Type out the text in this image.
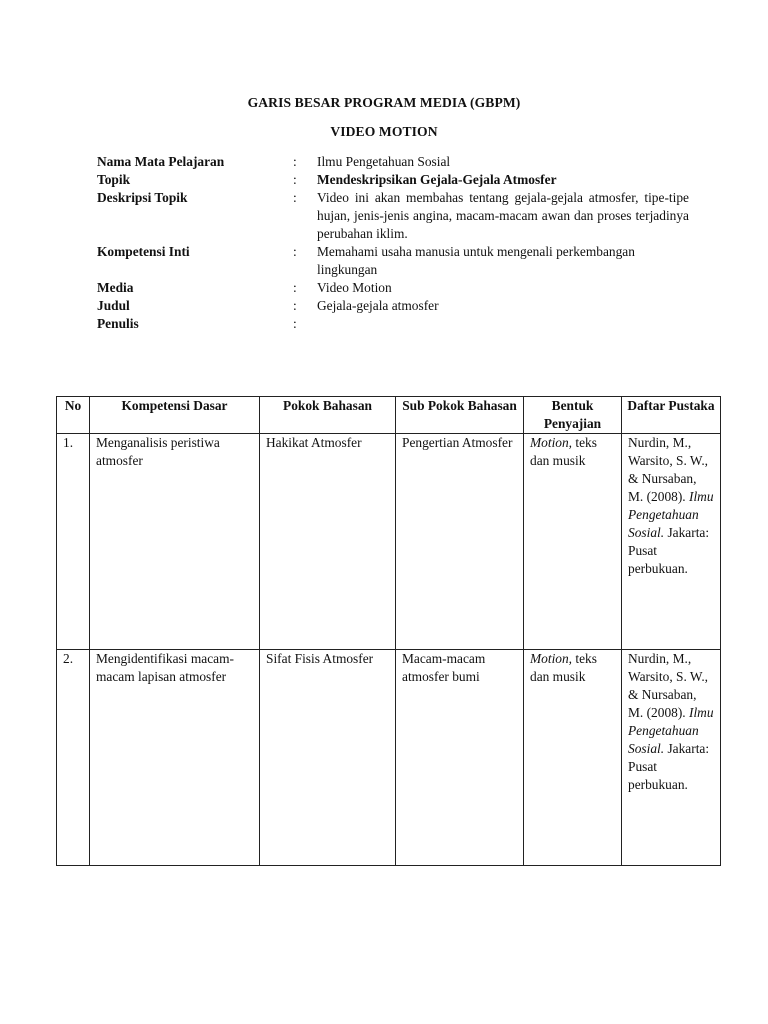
GARIS BESAR PROGRAM MEDIA (GBPM)
VIDEO MOTION
Nama Mata Pelajaran	:	Ilmu Pengetahuan Sosial
Topik	:	Mendeskripsikan Gejala-Gejala Atmosfer
Deskripsi Topik	:	Video ini akan membahas tentang gejala-gejala atmosfer, tipe-tipe hujan, jenis-jenis angina, macam-macam awan dan proses terjadinya perubahan iklim.
Kompetensi Inti	:	Memahami usaha manusia untuk mengenali perkembangan lingkungan
Media	:	Video Motion
Judul	:	Gejala-gejala atmosfer
Penulis	:
No	Kompetensi Dasar	Pokok Bahasan	Sub Pokok Bahasan	Bentuk Penyajian	Daftar Pustaka
1.	Menganalisis peristiwa atmosfer	Hakikat Atmosfer	Pengertian Atmosfer	Motion, teks dan musik	Nurdin, M., Warsito, S. W., & Nursaban, M. (2008). Ilmu Pengetahuan Sosial. Jakarta: Pusat perbukuan.
2.	Mengidentifikasi macam-macam lapisan atmosfer	Sifat Fisis Atmosfer	Macam-macam atmosfer bumi	Motion, teks dan musik	Nurdin, M., Warsito, S. W., & Nursaban, M. (2008). Ilmu Pengetahuan Sosial. Jakarta: Pusat perbukuan.
